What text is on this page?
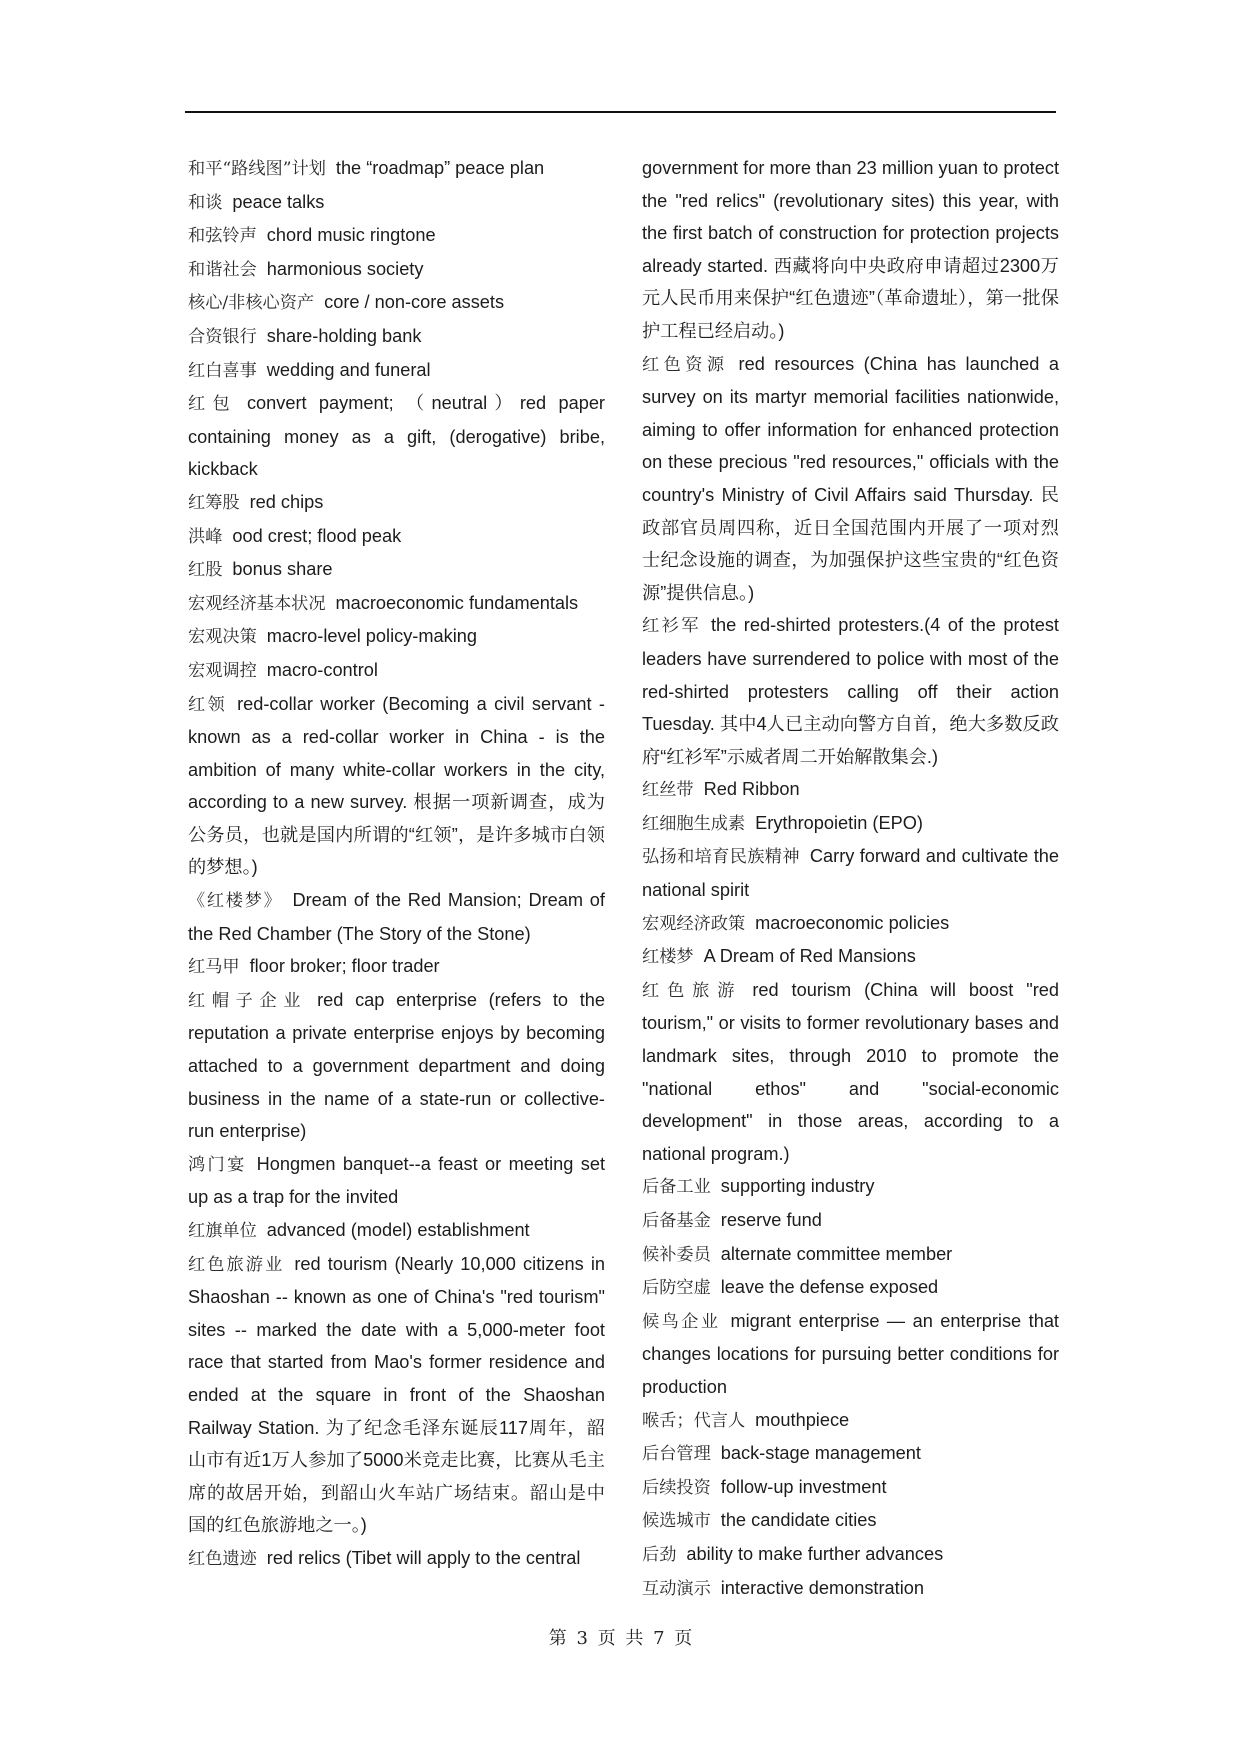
和平“路线图”计划 the “roadmap” peace plan

和谈 peace talks

和弦铃声 chord music ringtone

和谐社会 harmonious society

核心/非核心资产 core / non-core assets

合资银行 share-holding bank

红白喜事 wedding and funeral

红包 convert payment; （neutral）red paper containing money as a gift, (derogative) bribe, kickback

红筹股 red chips

洪峰 ood crest; flood peak

红股 bonus share

宏观经济基本状况 macroeconomic fundamentals

宏观决策 macro-level policy-making

宏观调控 macro-control

红领 red-collar worker (Becoming a civil servant - known as a red-collar worker in China - is the ambition of many white-collar workers in the city, according to a new survey. 根据一项新调查，成为公务员，也就是国内所谓的“红领”，是许多城市白领的梦想。)

《红楼梦》 Dream of the Red Mansion; Dream of the Red Chamber (The Story of the Stone)

红马甲 floor broker; floor trader

红帽子企业 red cap enterprise (refers to the reputation a private enterprise enjoys by becoming attached to a government department and doing business in the name of a state-run or collective-run enterprise)

鸿门宴 Hongmen banquet--a feast or meeting set up as a trap for the invited

红旗单位 advanced (model) establishment

红色旅游业 red tourism (Nearly 10,000 citizens in Shaoshan -- known as one of China's "red tourism" sites -- marked the date with a 5,000-meter foot race that started from Mao's former residence and ended at the square in front of the Shaoshan Railway Station. 为了纪念毛泽东诞辰117周年，韶山市有近1万人参加了5000米竞走比赛，比赛从毛主席的故居开始，到韶山火车站广场结束。韶山是中国的红色旅游地之一。)

红色遗迹 red relics (Tibet will apply to the central

government for more than 23 million yuan to protect the "red relics" (revolutionary sites) this year, with the first batch of construction for protection projects already started. 西藏将向中央政府申请超过2300万元人民币用来保护“红色遗迹”（革命遗址），第一批保护工程已经启动。)

红色资源 red resources (China has launched a survey on its martyr memorial facilities nationwide, aiming to offer information for enhanced protection on these precious "red resources," officials with the country's Ministry of Civil Affairs said Thursday. 民政部官员周四称，近日全国范围内开展了一项对烈士纪念设施的调查，为加强保护这些宝贵的“红色资源”提供信息。)

红衫军 the red-shirted protesters.(4 of the protest leaders have surrendered to police with most of the red-shirted protesters calling off their action Tuesday. 其中4人已主动向警方自首，绝大多数反政府“红衫军”示威者周二开始解散集会.)

红丝带 Red Ribbon

红细胞生成素 Erythropoietin (EPO)

弘扬和培育民族精神 Carry forward and cultivate the national spirit

宏观经济政策 macroeconomic policies

红楼梦 A Dream of Red Mansions

红色旅游 red tourism (China will boost "red tourism," or visits to former revolutionary bases and landmark sites, through 2010 to promote the "national ethos" and "social-economic development" in those areas, according to a national program.)

后备工业 supporting industry

后备基金 reserve fund

候补委员 alternate committee member

后防空虚 leave the defense exposed

候鸟企业 migrant enterprise — an enterprise that changes locations for pursuing better conditions for production

喉舌；代言人 mouthpiece

后台管理 back-stage management

后续投资 follow-up investment

候选城市 the candidate cities

后劲 ability to make further advances

互动演示 interactive demonstration

第 3 页 共 7 页
